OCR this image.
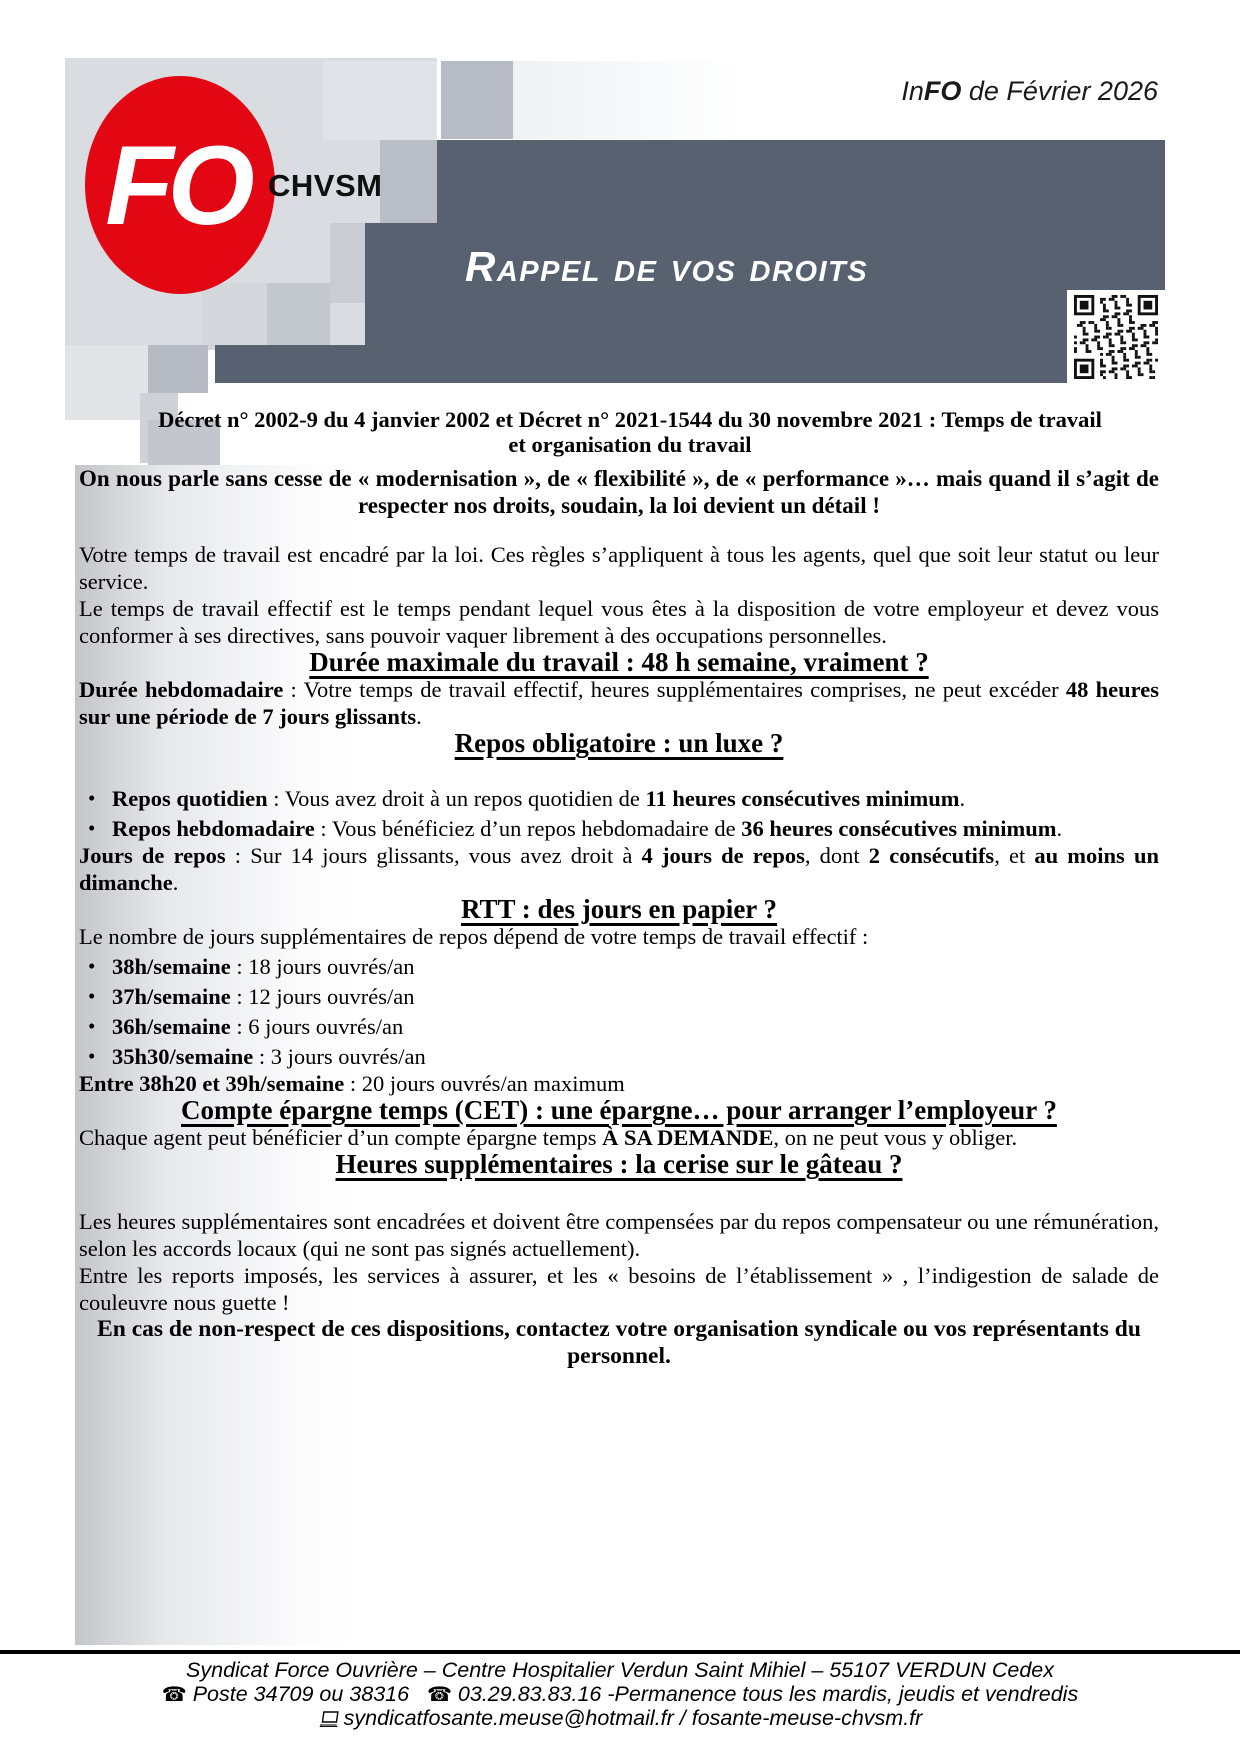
InFO de Février 2026
FO CHVSM
Rappel de vos droits
Décret n° 2002-9 du 4 janvier 2002 et Décret n° 2021-1544 du 30 novembre 2021 : Temps de travail et organisation du travail

On nous parle sans cesse de « modernisation », de « flexibilité », de « performance »… mais quand il s’agit de respecter nos droits, soudain, la loi devient un détail !

Votre temps de travail est encadré par la loi. Ces règles s’appliquent à tous les agents, quel que soit leur statut ou leur service.

Le temps de travail effectif est le temps pendant lequel vous êtes à la disposition de votre employeur et devez vous conformer à ses directives, sans pouvoir vaquer librement à des occupations personnelles.

Durée maximale du travail : 48 h semaine, vraiment ?

Durée hebdomadaire : Votre temps de travail effectif, heures supplémentaires comprises, ne peut excéder 48 heures sur une période de 7 jours glissants.

Repos obligatoire : un luxe ?

• Repos quotidien : Vous avez droit à un repos quotidien de 11 heures consécutives minimum.
• Repos hebdomadaire : Vous bénéficiez d’un repos hebdomadaire de 36 heures consécutives minimum.

Jours de repos : Sur 14 jours glissants, vous avez droit à 4 jours de repos, dont 2 consécutifs, et au moins un dimanche.

RTT : des jours en papier ?

Le nombre de jours supplémentaires de repos dépend de votre temps de travail effectif :

• 38h/semaine : 18 jours ouvrés/an
• 37h/semaine : 12 jours ouvrés/an
• 36h/semaine : 6 jours ouvrés/an
• 35h30/semaine : 3 jours ouvrés/an

Entre 38h20 et 39h/semaine : 20 jours ouvrés/an maximum

Compte épargne temps (CET) : une épargne… pour arranger l’employeur ?

Chaque agent peut bénéficier d’un compte épargne temps À SA DEMANDE, on ne peut vous y obliger.

Heures supplémentaires : la cerise sur le gâteau ?

Les heures supplémentaires sont encadrées et doivent être compensées par du repos compensateur ou une rémunération, selon les accords locaux (qui ne sont pas signés actuellement).

Entre les reports imposés, les services à assurer, et les « besoins de l’établissement » , l’indigestion de salade de couleuvre nous guette !

En cas de non-respect de ces dispositions, contactez votre organisation syndicale ou vos représentants du personnel.

Syndicat Force Ouvrière – Centre Hospitalier Verdun Saint Mihiel – 55107 VERDUN Cedex
☎ Poste 34709 ou 38316 ☎ 03.29.83.83.16 -Permanence tous les mardis, jeudis et vendredis
syndicatfosante.meuse@hotmail.fr / fosante-meuse-chvsm.fr
